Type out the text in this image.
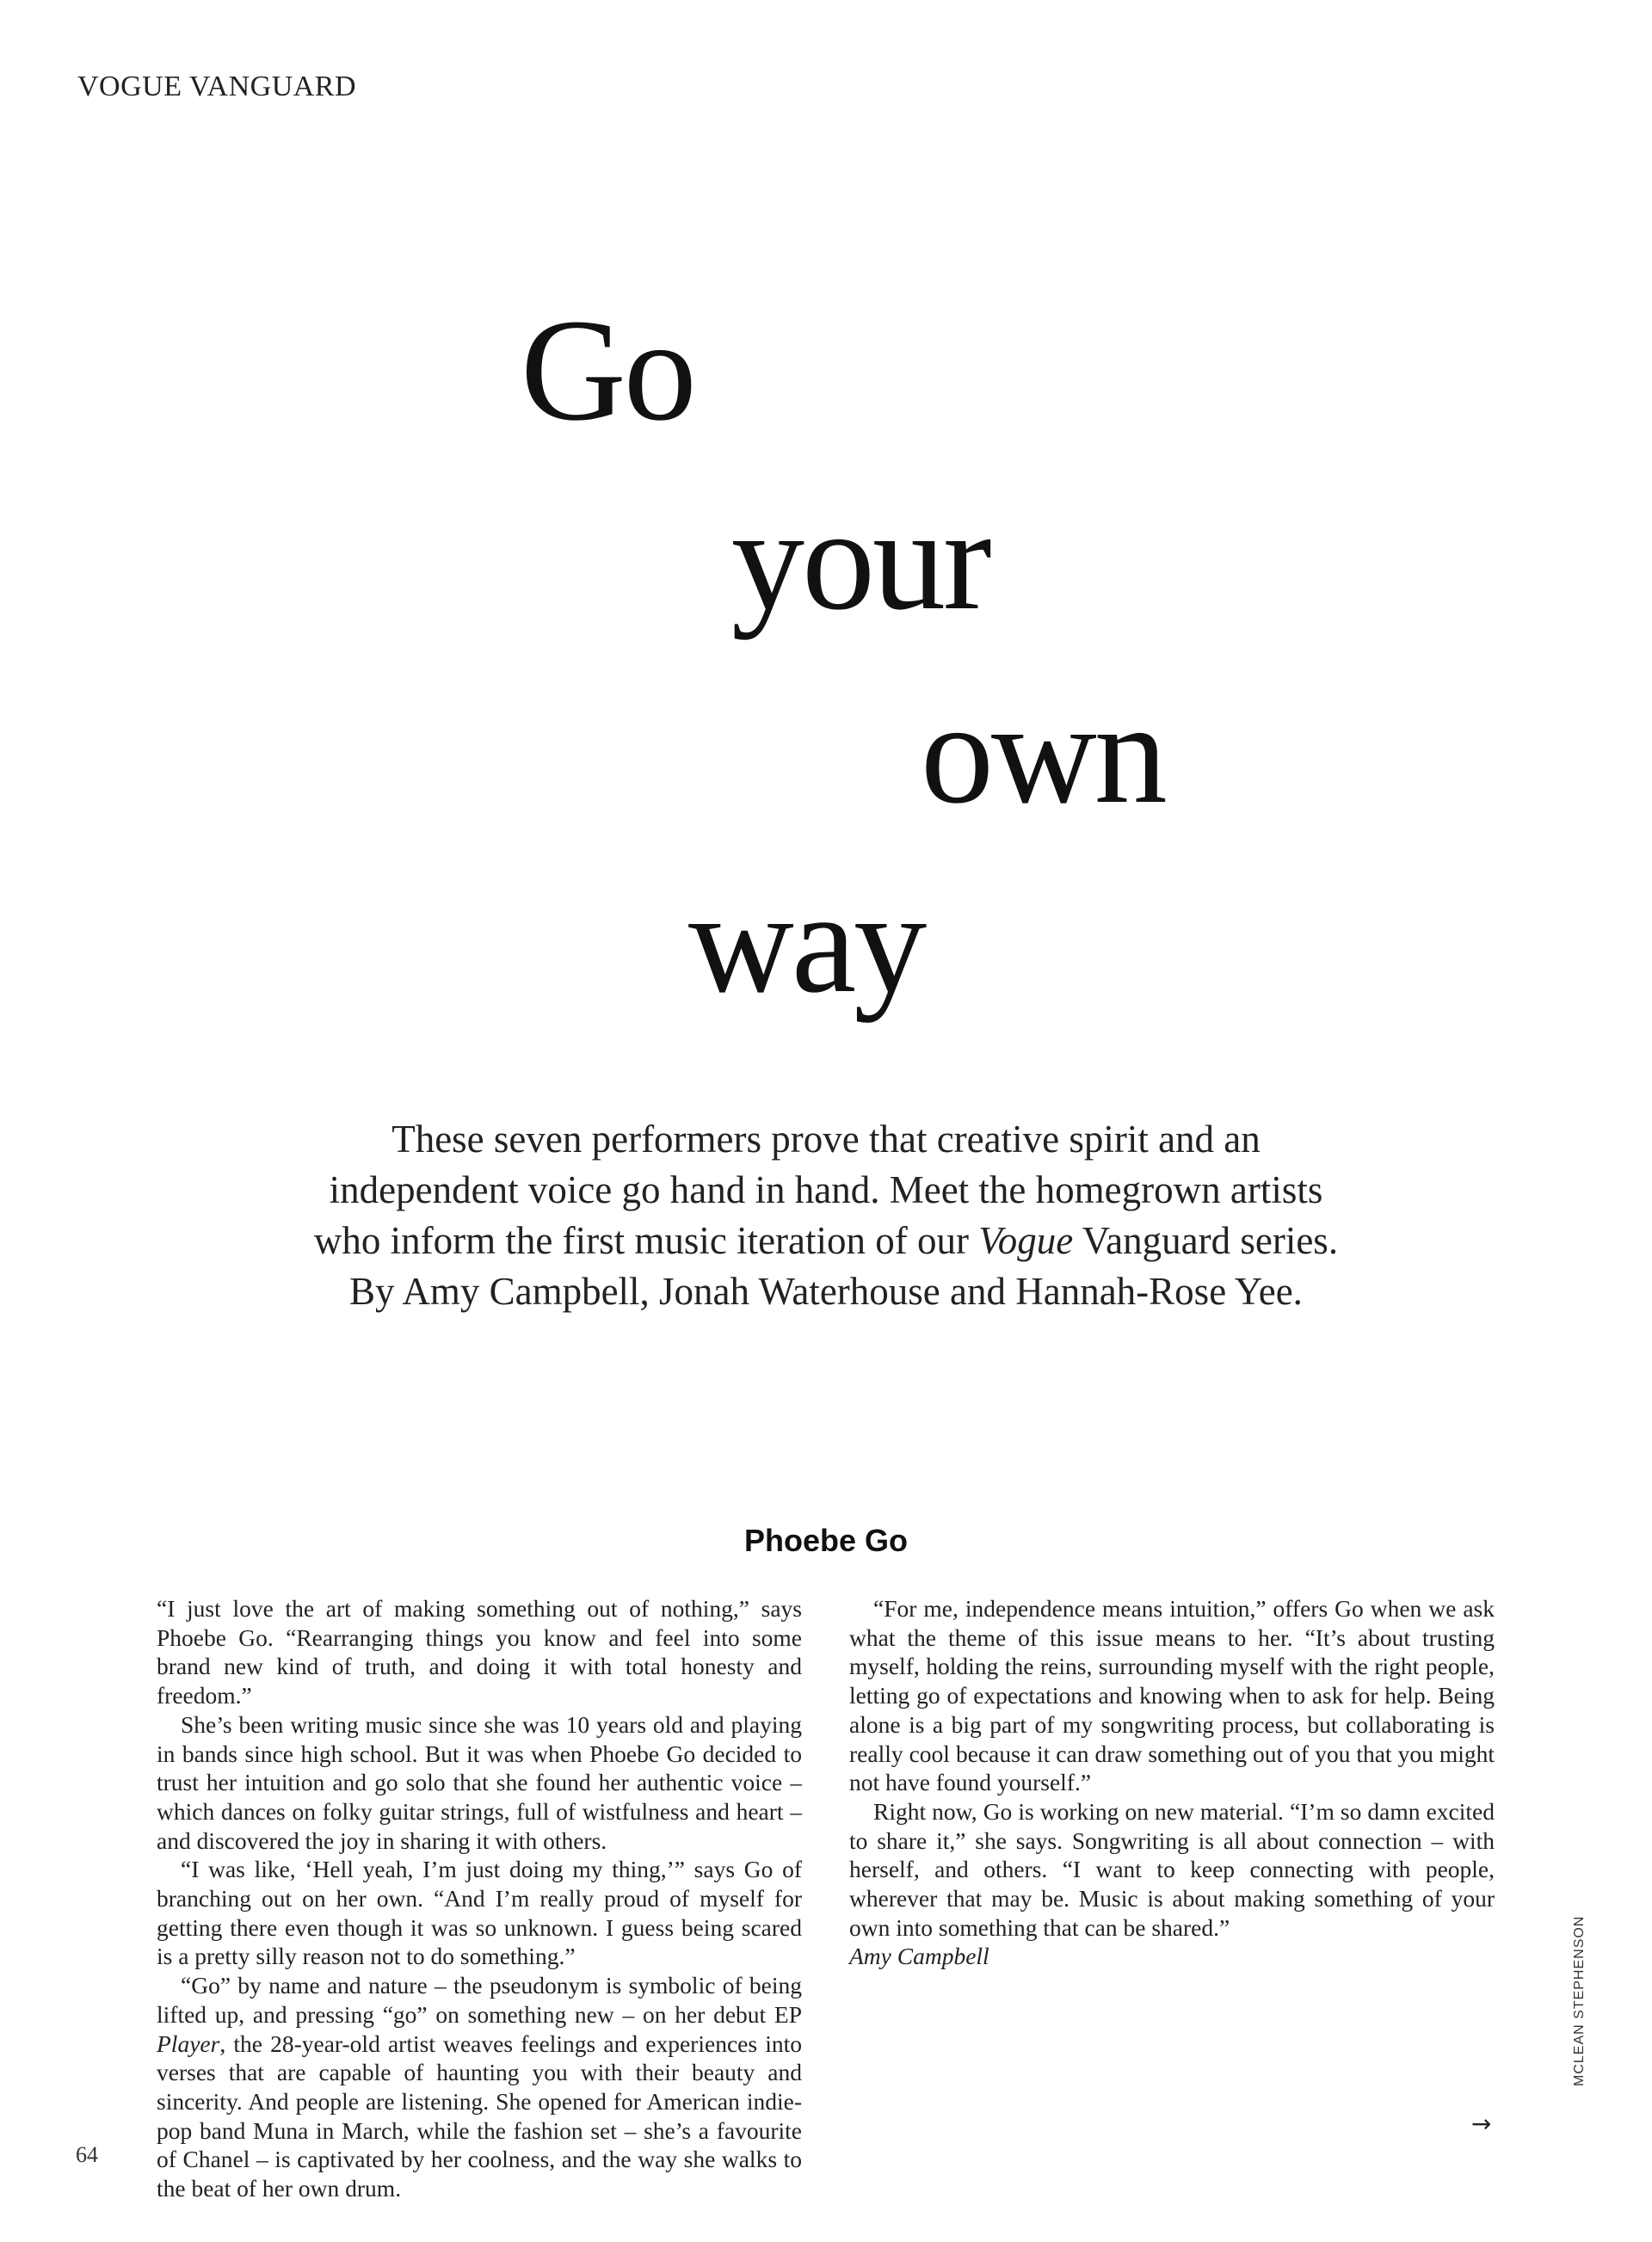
VOGUE VANGUARD
Go
your
own
way
These seven performers prove that creative spirit and an
independent voice go hand in hand. Meet the homegrown artists
who inform the first music iteration of our Vogue Vanguard series.
By Amy Campbell, Jonah Waterhouse and Hannah-Rose Yee.
Phoebe Go

“I just love the art of making something out of nothing,” says Phoebe Go. “Rearranging things you know and feel into some brand new kind of truth, and doing it with total honesty and freedom.”

She’s been writing music since she was 10 years old and playing in bands since high school. But it was when Phoebe Go decided to trust her intuition and go solo that she found her authentic voice – which dances on folky guitar strings, full of wistfulness and heart – and discovered the joy in sharing it with others.

“I was like, ‘Hell yeah, I’m just doing my thing,’” says Go of branching out on her own. “And I’m really proud of myself for getting there even though it was so unknown. I guess being scared is a pretty silly reason not to do something.”

“Go” by name and nature – the pseudonym is symbolic of being lifted up, and pressing “go” on something new – on her debut EP Player, the 28-year-old artist weaves feelings and experiences into verses that are capable of haunting you with their beauty and sincerity. And people are listening. She opened for American indie-pop band Muna in March, while the fashion set – she’s a favourite of Chanel – is captivated by her coolness, and the way she walks to the beat of her own drum.

“For me, independence means intuition,” offers Go when we ask what the theme of this issue means to her. “It’s about trusting myself, holding the reins, surrounding myself with the right people, letting go of expectations and knowing when to ask for help. Being alone is a big part of my songwriting process, but collaborating is really cool because it can draw something out of you that you might not have found yourself.”

Right now, Go is working on new material. “I’m so damn excited to share it,” she says. Songwriting is all about connection – with herself, and others. “I want to keep connecting with people, wherever that may be. Music is about making something of your own into something that can be shared.”

Amy Campbell

→
64
MCLEAN STEPHENSON
